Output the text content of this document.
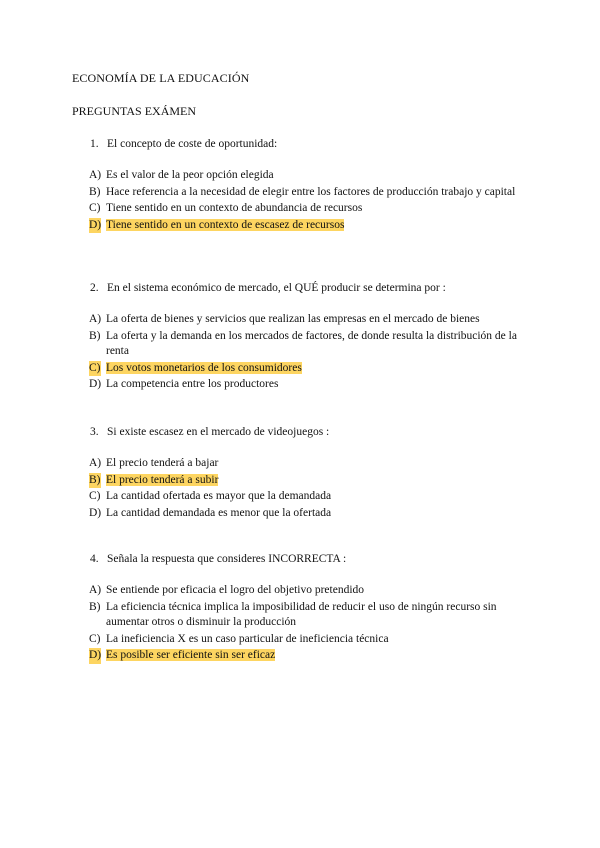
ECONOMÍA DE LA EDUCACIÓN
PREGUNTAS EXÁMEN
1. El concepto de coste de oportunidad:
A) Es el valor de la peor opción elegida
B) Hace referencia a la necesidad de elegir entre los factores de producción trabajo y capital
C) Tiene sentido en un contexto de abundancia de recursos
D) Tiene sentido en un contexto de escasez de recursos
2. En el sistema económico de mercado, el QUÉ producir se determina por :
A) La oferta de bienes y servicios que realizan las empresas en el mercado de bienes
B) La oferta y la demanda en los mercados de factores, de donde resulta la distribución de la renta
C) Los votos monetarios de los consumidores
D) La competencia entre los productores
3. Si existe escasez en el mercado de videojuegos :
A) El precio tenderá a bajar
B) El precio tenderá a subir
C) La cantidad ofertada es mayor que la demandada
D) La cantidad demandada es menor que la ofertada
4. Señala la respuesta que consideres INCORRECTA :
A) Se entiende por eficacia el logro del objetivo pretendido
B) La eficiencia técnica implica la imposibilidad de reducir el uso de ningún recurso sin aumentar otros o disminuir la producción
C) La ineficiencia X es un caso particular de ineficiencia técnica
D) Es posible ser eficiente sin ser eficaz
